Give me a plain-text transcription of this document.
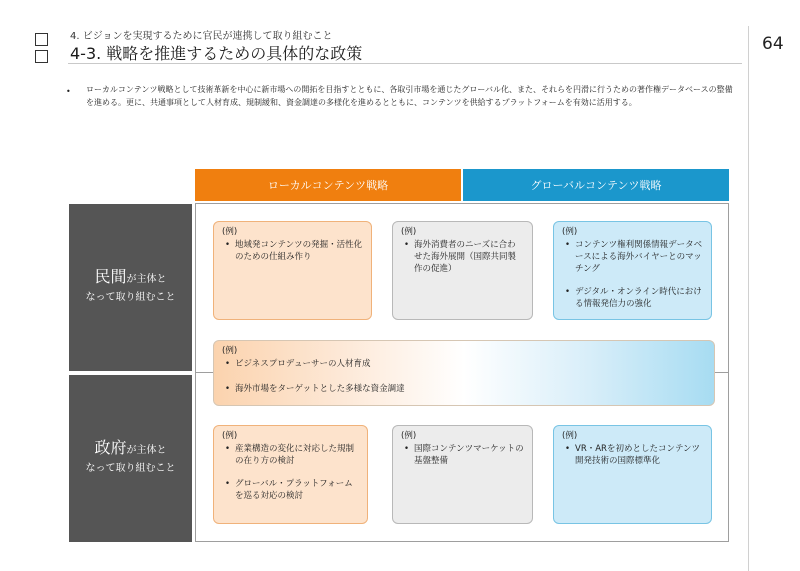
4. ビジョンを実現するために官民が連携して取り組むこと
4-3. 戦略を推進するための具体的な政策	64
• ローカルコンテンツ戦略として技術革新を中心に新市場への開拓を目指すとともに、各取引市場を通じたグローバル化、また、それらを円滑に行うための著作権データベースの整備を進める。更に、共通事項として人材育成、規制緩和、資金調達の多様化を進めるとともに、コンテンツを供給するプラットフォームを有効に活用する。
ローカルコンテンツ戦略	グローバルコンテンツ戦略
民間が主体と
なって取り組むこと
政府が主体と
なって取り組むこと
(例)
• 地域発コンテンツの発掘・活性化のための仕組み作り
(例)
• 海外消費者のニーズに合わせた海外展開（国際共同製作の促進）
(例)
• コンテンツ権利関係情報データベースによる海外バイヤーとのマッチング
• デジタル・オンライン時代における情報発信力の強化
(例)
• ビジネスプロデューサーの人材育成
• 海外市場をターゲットとした多様な資金調達
(例)
• 産業構造の変化に対応した規制の在り方の検討
• グローバル・プラットフォームを巡る対応の検討
(例)
• 国際コンテンツマーケットの基盤整備
(例)
• VR・ARを初めとしたコンテンツ開発技術の国際標準化
